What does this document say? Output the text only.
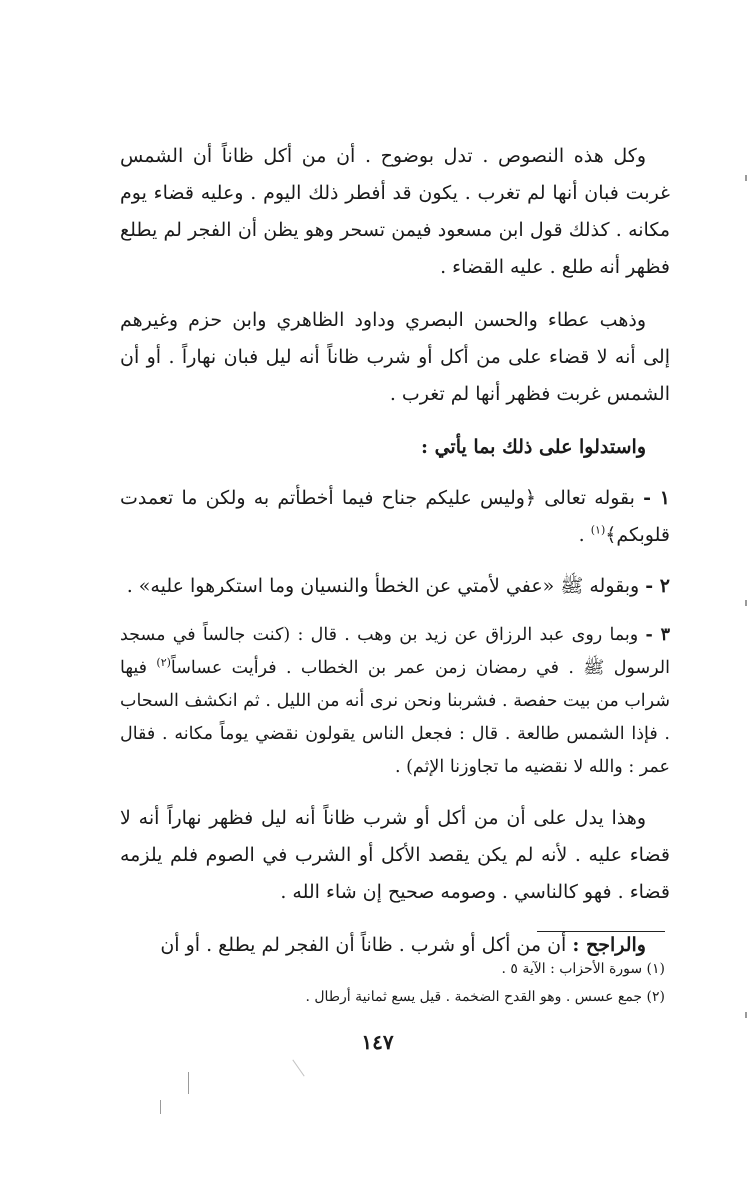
وكل هذه النصوص . تدل بوضوح . أن من أكل ظاناً أن الشمس غربت فبان أنها لم تغرب . يكون قد أفطر ذلك اليوم . وعليه قضاء يوم مكانه . كذلك قول ابن مسعود فيمن تسحر وهو يظن أن الفجر لم يطلع فظهر أنه طلع . عليه القضاء .

وذهب عطاء والحسن البصري وداود الظاهري وابن حزم وغيرهم إلى أنه لا قضاء على من أكل أو شرب ظاناً أنه ليل فبان نهاراً . أو أن الشمس غربت فظهر أنها لم تغرب .

واستدلوا على ذلك بما يأتي :

١ - بقوله تعالى ﴿وليس عليكم جناح فيما أخطأتم به ولكن ما تعمدت قلوبكم﴾$^{(١)}$ .

٢ - وبقوله ﷺ «عفي لأمتي عن الخطأ والنسيان وما استكرهوا عليه» .

٣ - وبما روى عبد الرزاق عن زيد بن وهب . قال : (كنت جالساً في مسجد الرسول ﷺ . في رمضان زمن عمر بن الخطاب . فرأيت عساساً$^{(٢)}$ فيها شراب من بيت حفصة . فشربنا ونحن نرى أنه من الليل . ثم انكشف السحاب . فإذا الشمس طالعة . قال : فجعل الناس يقولون نقضي يوماً مكانه . فقال عمر : والله لا نقضيه ما تجاوزنا الإثم) .

وهذا يدل على أن من أكل أو شرب ظاناً أنه ليل فظهر نهاراً أنه لا قضاء عليه . لأنه لم يكن يقصد الأكل أو الشرب في الصوم فلم يلزمه قضاء . فهو كالناسي . وصومه صحيح إن شاء الله .

والراجح : أن من أكل أو شرب . ظاناً أن الفجر لم يطلع . أو أن

(١) سورة الأحزاب : الآية ٥ .

(٢) جمع عسس . وهو القدح الضخمة . قيل يسع ثمانية أرطال .

١٤٧
